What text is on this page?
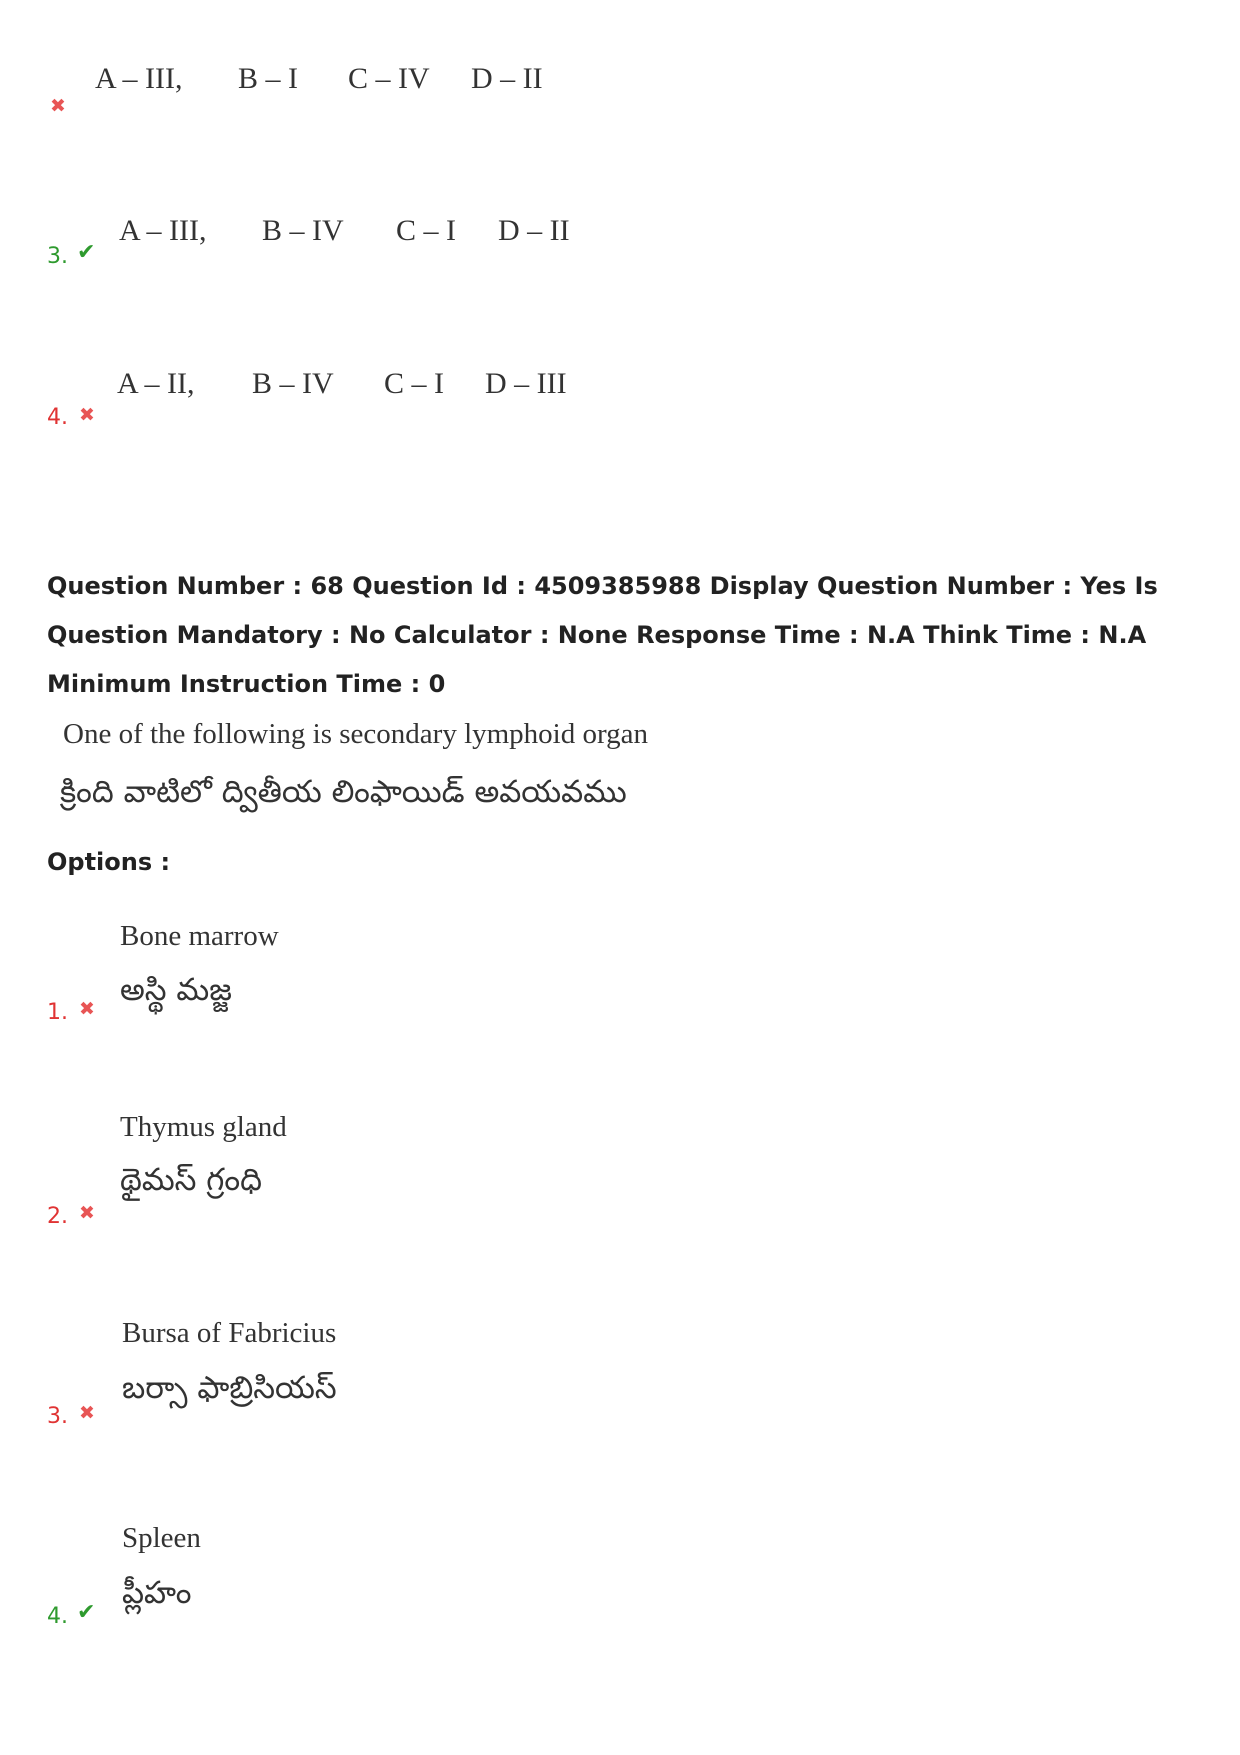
A – III, B – I C – IV D – II
✖
A – III, B – IV C – I D – II
3. ✔
A – II, B – IV C – I D – III
4. ✖
Question Number : 68 Question Id : 4509385988 Display Question Number : Yes Is Question Mandatory : No Calculator : None Response Time : N.A Think Time : N.A Minimum Instruction Time : 0
One of the following is secondary lymphoid organ
క్రింది వాటిలో ద్వితీయ లింఫాయిడ్ అవయవము
Options :
Bone marrow
అస్థి మజ్జ
1. ✖
Thymus gland
థైమస్ గ్రంధి
2. ✖
Bursa of Fabricius
బర్సా ఫాబ్రిసియస్
3. ✖
Spleen
ప్లీహం
4. ✔
